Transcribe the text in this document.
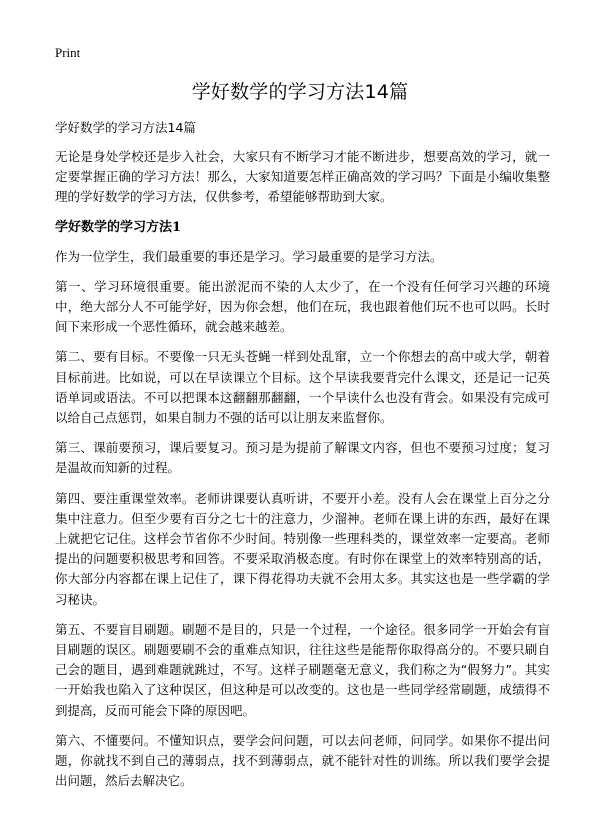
Print
学好数学的学习方法14篇

学好数学的学习方法14篇

无论是身处学校还是步入社会，大家只有不断学习才能不断进步，想要高效的学习，就一定要掌握正确的学习方法！那么，大家知道要怎样正确高效的学习吗？下面是小编收集整理的学好数学的学习方法，仅供参考，希望能够帮助到大家。

学好数学的学习方法1

作为一位学生，我们最重要的事还是学习。学习最重要的是学习方法。

第一、学习环境很重要。能出淤泥而不染的人太少了，在一个没有任何学习兴趣的环境中，绝大部分人不可能学好，因为你会想，他们在玩，我也跟着他们玩不也可以吗。长时间下来形成一个恶性循环，就会越来越差。

第二、要有目标。不要像一只无头苍蝇一样到处乱窜，立一个你想去的高中或大学，朝着目标前进。比如说，可以在早读课立个目标。这个早读我要背完什么课文，还是记一记英语单词或语法。不可以把课本这翻翻那翻翻，一个早读什么也没有背会。如果没有完成可以给自己点惩罚，如果自制力不强的话可以让朋友来监督你。

第三、课前要预习，课后要复习。预习是为提前了解课文内容，但也不要预习过度；复习是温故而知新的过程。

第四、要注重课堂效率。老师讲课要认真听讲，不要开小差。没有人会在课堂上百分之分集中注意力。但至少要有百分之七十的注意力，少溜神。老师在课上讲的东西，最好在课上就把它记住。这样会节省你不少时间。特别像一些理科类的，课堂效率一定要高。老师提出的问题要积极思考和回答。不要采取消极态度。有时你在课堂上的效率特别高的话，你大部分内容都在课上记住了，课下得花得功夫就不会用太多。其实这也是一些学霸的学习秘诀。

第五、不要盲目刷题。刷题不是目的，只是一个过程，一个途径。很多同学一开始会有盲目刷题的误区。刷题要刷不会的重难点知识，往往这些是能帮你取得高分的。不要只刷自己会的题目，遇到难题就跳过，不写。这样子刷题毫无意义，我们称之为“假努力”。其实一开始我也陷入了这种误区，但这种是可以改变的。这也是一些同学经常刷题，成绩得不到提高，反而可能会下降的原因吧。

第六、不懂要问。不懂知识点，要学会问问题，可以去问老师，问同学。如果你不提出问题，你就找不到自己的薄弱点，找不到薄弱点，就不能针对性的训练。所以我们要学会提出问题，然后去解决它。
